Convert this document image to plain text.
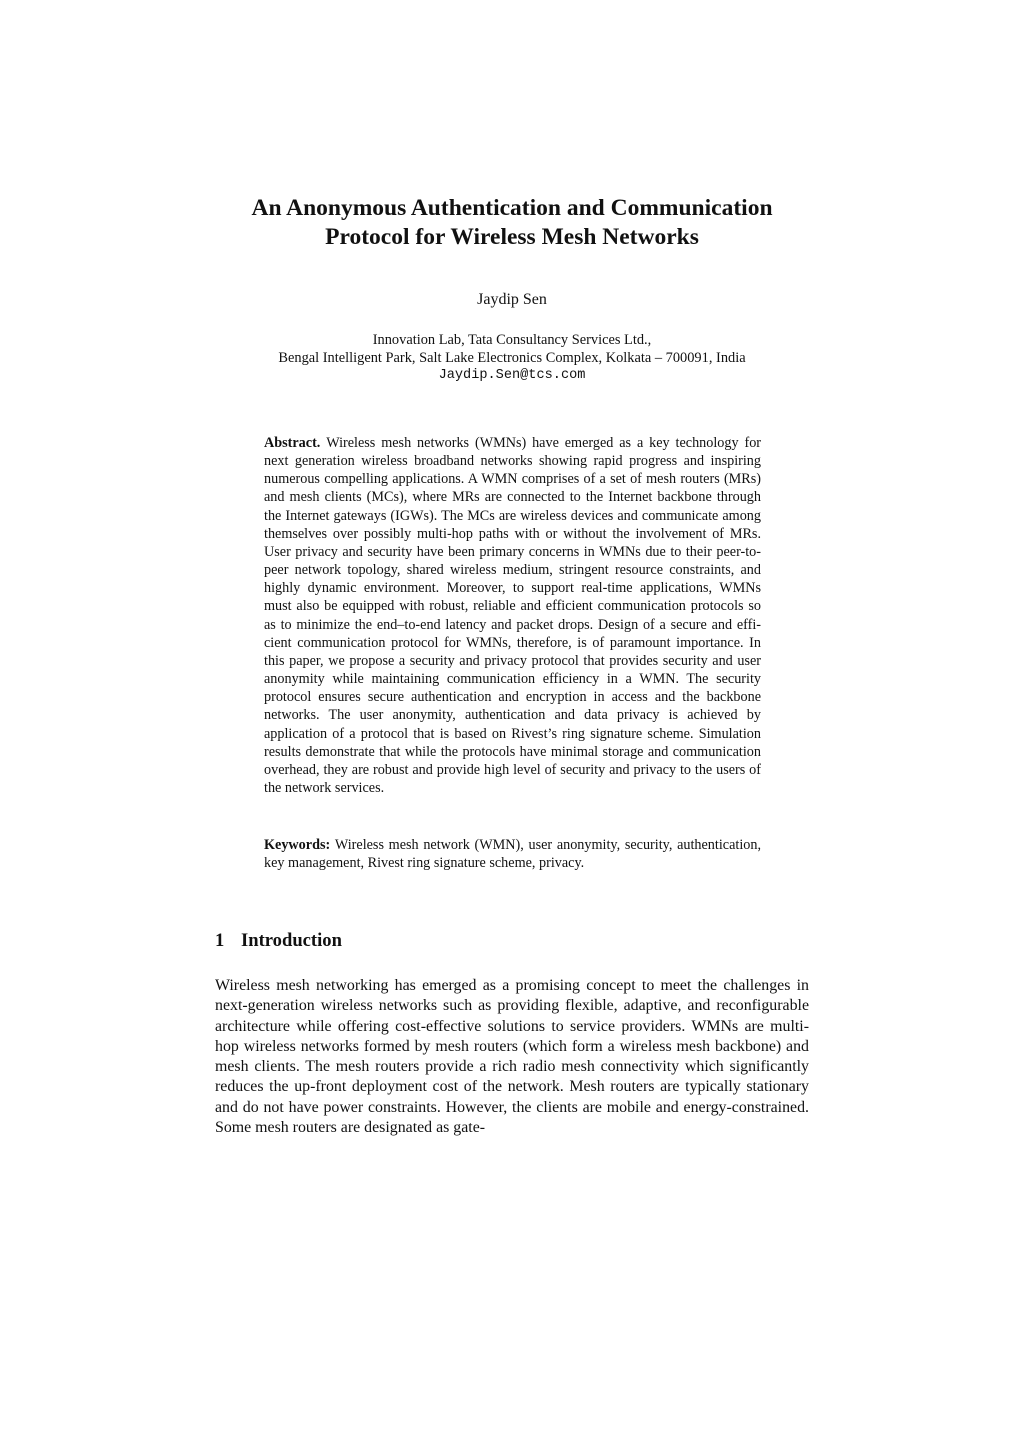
An Anonymous Authentication and Communication
Protocol for Wireless Mesh Networks
Jaydip Sen
Innovation Lab, Tata Consultancy Services Ltd.,
Bengal Intelligent Park, Salt Lake Electronics Complex, Kolkata – 700091, India
Jaydip.Sen@tcs.com
Abstract. Wireless mesh networks (WMNs) have emerged as a key technology for next generation wireless broadband networks showing rapid progress and inspiring numerous compelling applications. A WMN comprises of a set of mesh routers (MRs) and mesh clients (MCs), where MRs are connected to the Internet backbone through the Internet gateways (IGWs). The MCs are wireless devices and communicate among themselves over possibly multi-hop paths with or without the involvement of MRs. User privacy and security have been primary concerns in WMNs due to their peer-to-peer network topology, shared wireless medium, stringent resource constraints, and highly dynamic environment. Moreover, to support real-time applications, WMNs must also be equipped with robust, reliable and efficient communication protocols so as to minimize the end–to-end latency and packet drops. Design of a secure and efficient communication protocol for WMNs, therefore, is of paramount importance. In this paper, we propose a security and privacy protocol that provides security and user anonymity while maintaining communication efficiency in a WMN. The security protocol ensures secure authentication and encryption in access and the backbone networks. The user anonymity, authentication and data privacy is achieved by application of a protocol that is based on Rivest’s ring signature scheme. Simulation results demonstrate that while the protocols have minimal storage and communication overhead, they are robust and provide high level of security and privacy to the users of the network services.
Keywords: Wireless mesh network (WMN), user anonymity, security, authentication, key management, Rivest ring signature scheme, privacy.
1 Introduction
Wireless mesh networking has emerged as a promising concept to meet the challenges in next-generation wireless networks such as providing flexible, adaptive, and reconfigurable architecture while offering cost-effective solutions to service providers. WMNs are multi-hop wireless networks formed by mesh routers (which form a wireless mesh backbone) and mesh clients. The mesh routers provide a rich radio mesh connectivity which significantly reduces the up-front deployment cost of the network. Mesh routers are typically stationary and do not have power constraints. However, the clients are mobile and energy-constrained. Some mesh routers are designated as gate-
